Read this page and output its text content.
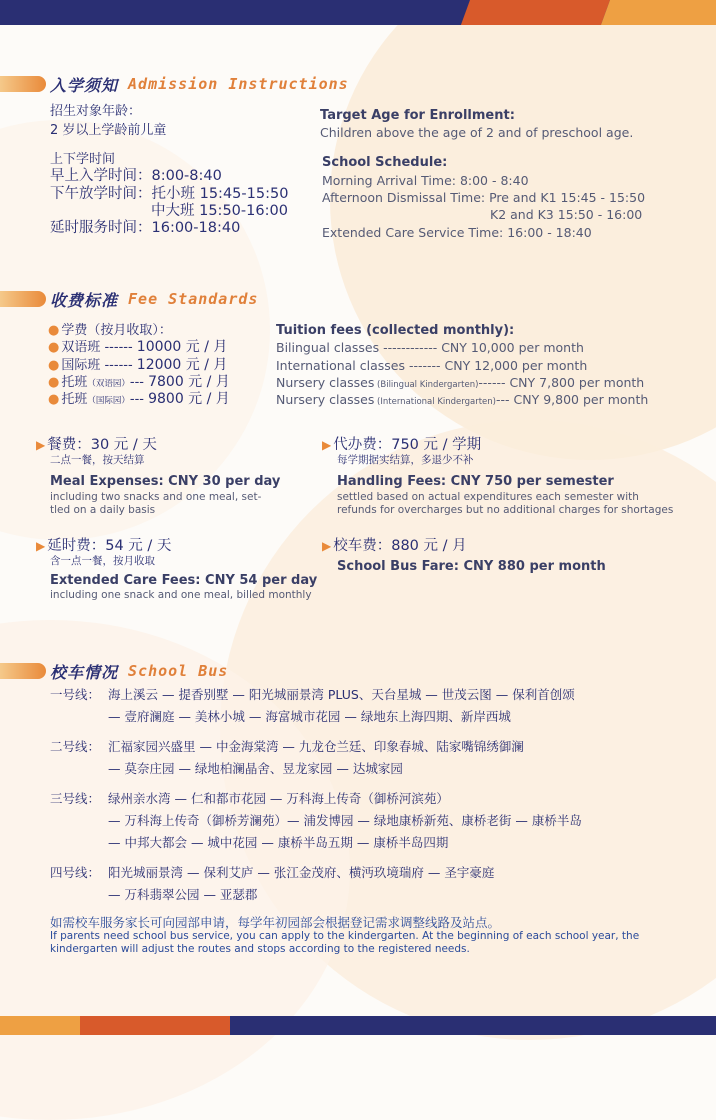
入学须知 Admission Instructions
招生对象年龄：
2 岁以上学龄前儿童
Target Age for Enrollment:
Children above the age of 2 and of preschool age.
上下学时间
早上入学时间：8:00-8:40
下午放学时间：托小班 15:45-15:50
中大班 15:50-16:00
延时服务时间：16:00-18:40
School Schedule:
Morning Arrival Time: 8:00 - 8:40
Afternoon Dismissal Time: Pre and K1 15:45 - 15:50
K2 and K3 15:50 - 16:00
Extended Care Service Time: 16:00 - 18:40
收费标准 Fee Standards
● 学费（按月收取）：
● 双语班 ------ 10000 元 / 月
● 国际班 ------ 12000 元 / 月
● 托班（双语园）--- 7800 元 / 月
● 托班（国际园）--- 9800 元 / 月
Tuition fees (collected monthly):
Bilingual classes ------------ CNY 10,000 per month
International classes ------- CNY 12,000 per month
Nursery classes (Bilingual Kindergarten)------ CNY 7,800 per month
Nursery classes (International Kindergarten)--- CNY 9,800 per month
▶ 餐费：30 元 / 天
二点一餐，按天结算
Meal Expenses: CNY 30 per day
including two snacks and one meal, set-
tled on a daily basis
▶ 代办费：750 元 / 学期
每学期据实结算，多退少不补
Handling Fees: CNY 750 per semester
settled based on actual expenditures each semester with
refunds for overcharges but no additional charges for shortages
▶ 延时费：54 元 / 天
含一点一餐，按月收取
Extended Care Fees: CNY 54 per day
including one snack and one meal, billed monthly
▶ 校车费：880 元 / 月
School Bus Fare: CNY 880 per month
校车情况 School Bus
一号线： 海上溪云 — 提香别墅 — 阳光城丽景湾 PLUS、天台星城 — 世茂云图 — 保利首创颂
— 壹府澜庭 — 美林小城 — 海富城市花园 — 绿地东上海四期、新岸西城
二号线： 汇福家园兴盛里 — 中金海棠湾 — 九龙仓兰廷、印象春城、陆家嘴锦绣御澜
— 莫奈庄园 — 绿地柏澜晶舍、昱龙家园 — 达城家园
三号线： 绿州亲水湾 — 仁和都市花园 — 万科海上传奇（御桥河滨苑）
— 万科海上传奇（御桥芳澜苑）— 浦发博园 — 绿地康桥新苑、康桥老街 — 康桥半岛
— 中邦大都会 — 城中花园 — 康桥半岛五期 — 康桥半岛四期
四号线： 阳光城丽景湾 — 保利艾庐 — 张江金茂府、横沔玖境瑞府 — 圣宇豪庭
— 万科翡翠公园 — 亚瑟郡
如需校车服务家长可向园部申请，每学年初园部会根据登记需求调整线路及站点。
If parents need school bus service, you can apply to the kindergarten. At the beginning of each school year, the
kindergarten will adjust the routes and stops according to the registered needs.
